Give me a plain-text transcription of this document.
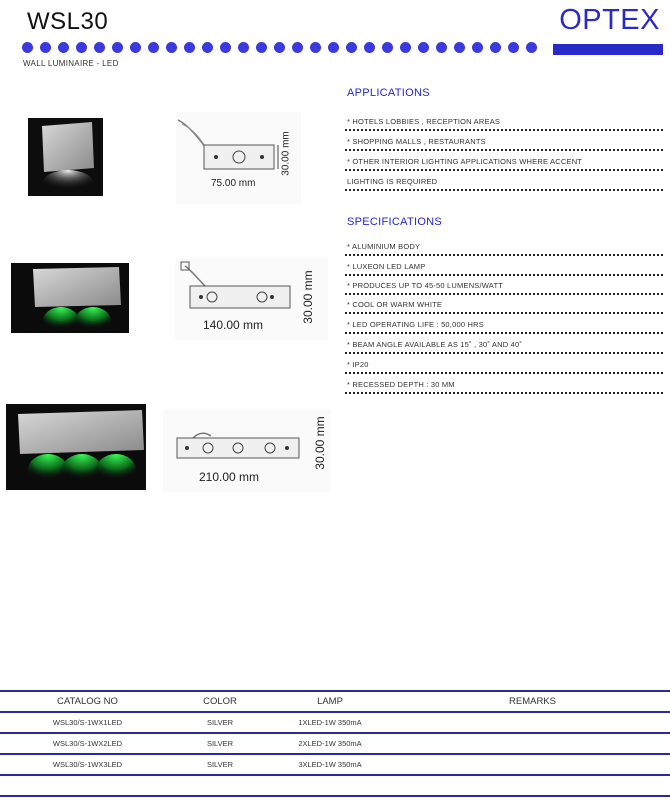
WSL30	OPTEX
WALL LUMINAIRE - LED
75.00 mm
30.00 mm
140.00 mm
30.00 mm
210.00 mm
30.00 mm
APPLICATIONS
* HOTELS LOBBIES , RECEPTION AREAS
* SHOPPING MALLS , RESTAURANTS
* OTHER INTERIOR LIGHTING APPLICATIONS WHERE ACCENT
LIGHTING IS REQUIRED
SPECIFICATIONS
* ALUMINIUM BODY
* LUXEON LED LAMP
* PRODUCES UP TO 45-50 LUMENS/WATT
* COOL OR WARM WHITE
* LED OPERATING LIFE : 50,000 HRS
* BEAM ANGLE AVAILABLE AS 15˚ , 30˚ AND 40˚
* IP20
* RECESSED DEPTH : 30 MM
CATALOG NO	COLOR	LAMP	REMARKS
WSL30/S-1WX1LED	SILVER	1XLED-1W 350mA	
WSL30/S-1WX2LED	SILVER	2XLED-1W 350mA	
WSL30/S-1WX3LED	SILVER	3XLED-1W 350mA	
